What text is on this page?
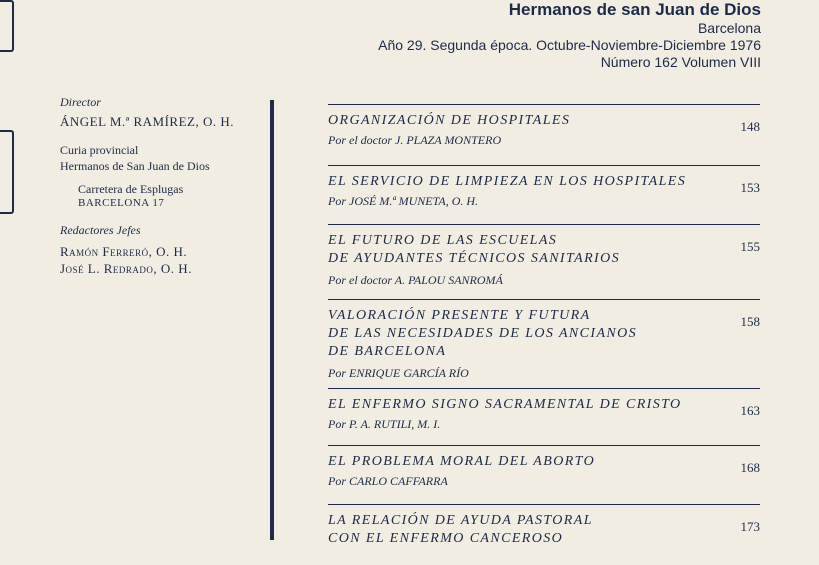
Hermanos de san Juan de Dios
Barcelona
Año 29. Segunda época. Octubre-Noviembre-Diciembre 1976
Número 162 Volumen VIII
Director
ÁNGEL M.ª RAMÍREZ, O. H.
Curia provincial
Hermanos de San Juan de Dios
Carretera de Esplugas
BARCELONA 17
Redactores Jefes
Ramón Ferreró, O. H.
José L. Redrado, O. H.
ORGANIZACIÓN DE HOSPITALES	148
Por el doctor J. PLAZA MONTERO
EL SERVICIO DE LIMPIEZA EN LOS HOSPITALES	153
Por JOSÉ M.ª MUNETA, O. H.
EL FUTURO DE LAS ESCUELAS
DE AYUDANTES TÉCNICOS SANITARIOS
155
Por el doctor A. PALOU SANROMÁ
VALORACIÓN PRESENTE Y FUTURA
DE LAS NECESIDADES DE LOS ANCIANOS
DE BARCELONA
158
Por ENRIQUE GARCÍA RÍO
EL ENFERMO SIGNO SACRAMENTAL DE CRISTO	163
Por P. A. RUTILI, M. I.
EL PROBLEMA MORAL DEL ABORTO	168
Por CARLO CAFFARRA
LA RELACIÓN DE AYUDA PASTORAL
CON EL ENFERMO CANCEROSO
173
